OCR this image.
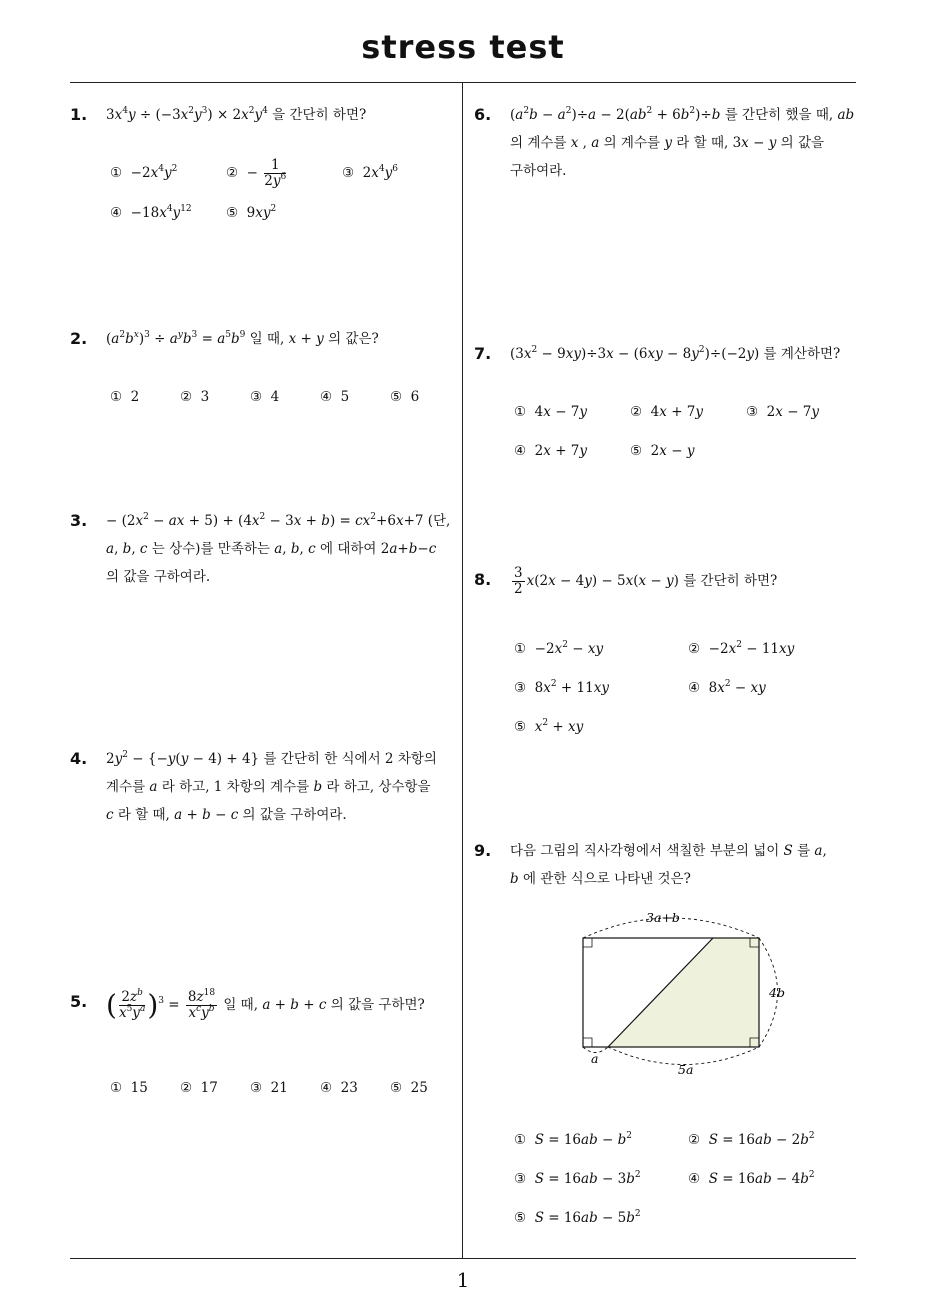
stress test
1
1. $3x^4y \div (-3x^2y^3) \times 2x^2y^4$ 을 간단히 하면?
①  $-2x^4y^2$	②  − $\frac{1}{2y^6}$	③  $2x^4y^6$
④  $-18x^4y^{12}$	⑤  $9xy^2$
2. $(a^2b^x)^3 \div a^yb^3 = a^5b^9$ 일 때, x + y 의 값은?
①  2	②  3	③  4	④  5	⑤  6
3. − ($2x^2$ − ax + $5) + (4x^2 - 3x + b) = cx^2+6x+7$ (단,
a, b, c 는 상수)를 만족하는 a, b, c 에 대하여 2a+b−c
의 값을 구하여라.
4. $2y^2 - \{-y(y - 4) + 4\}$ 를 간단히 한 식에서 2 차항의
계수를 a 라 하고, 1 차항의 계수를 b 라 하고, 상수항을
c 라 할 때, a + b − c 의 값을 구하여라.
5. ( $\frac{2z^b}{x^5y^a} )^3 = \frac{8z^{18}}{x^cy^b}$ 일 때, a + b + c 의 값을 구하면?
①  15 ②  17 ③  21 ④  23 ⑤  25
6. $(a^2b - a^2)\div a - 2(ab^2 + 6b^2)\div b$ 를 간단히 했을 때, ab
의 계수를 x , a 의 계수를 y 라 할 때, 3x − y 의 값을
구하여라.
7. $(3x^2 - 9xy)\div 3x - (6xy - 8y^2)\div(-2y)$ 를 계산하면?
①  4x − 7y	②  4x + 7y	③  2x − 7y
④  2x + 7y	⑤  2x − y
8. $\frac{3}{2} x(2x - 4y) - 5x(x - y)$ 를 간단히 하면?
①  $-2x^2$ − xy	②  $-2x^2 - 11xy$
③  $8x^2 + 11xy$	④  $8x^2$ − xy
⑤  $x^2$ + xy
9. 다음 그림의 직사각형에서 색칠한 부분의 넓이 S 를 a,
b 에 관한 식으로 나타낸 것은?
3a+b
4b
a
5a
①  $S = 16ab - b^2$	②  $S = 16ab - 2b^2$
③  $S = 16ab - 3b^2$	④  $S = 16ab - 4b^2$
⑤  $S = 16ab - 5b^2$
